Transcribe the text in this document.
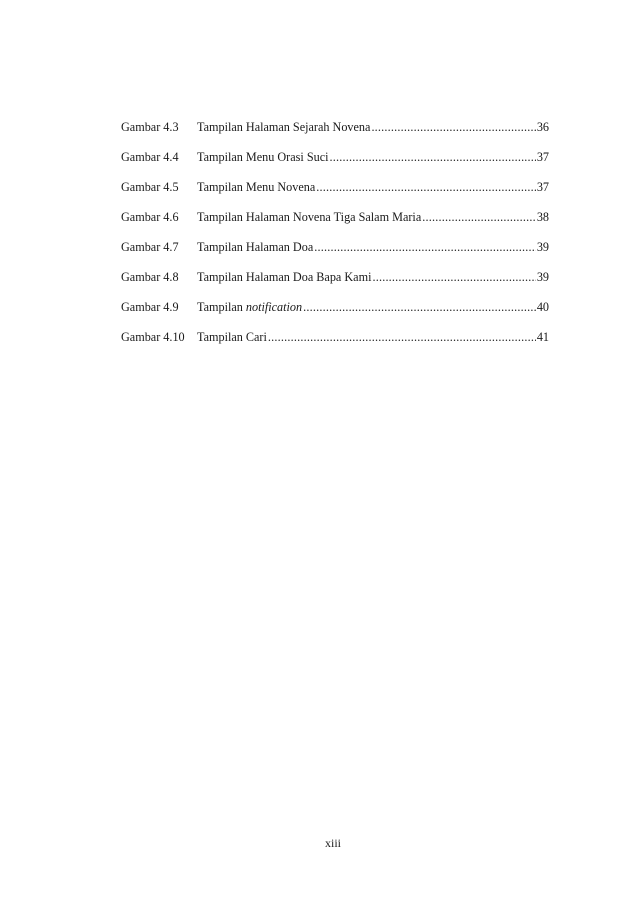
Gambar 4.3	Tampilan Halaman Sejarah Novena .....	36
Gambar 4.4	Tampilan Menu Orasi Suci .....	37
Gambar 4.5	Tampilan Menu Novena .....	37
Gambar 4.6	Tampilan Halaman Novena Tiga Salam Maria .....	38
Gambar 4.7	Tampilan Halaman Doa .....	39
Gambar 4.8	Tampilan Halaman Doa Bapa Kami .....	39
Gambar 4.9	Tampilan notification .....	40
Gambar 4.10	Tampilan Cari .....	41
xiii
